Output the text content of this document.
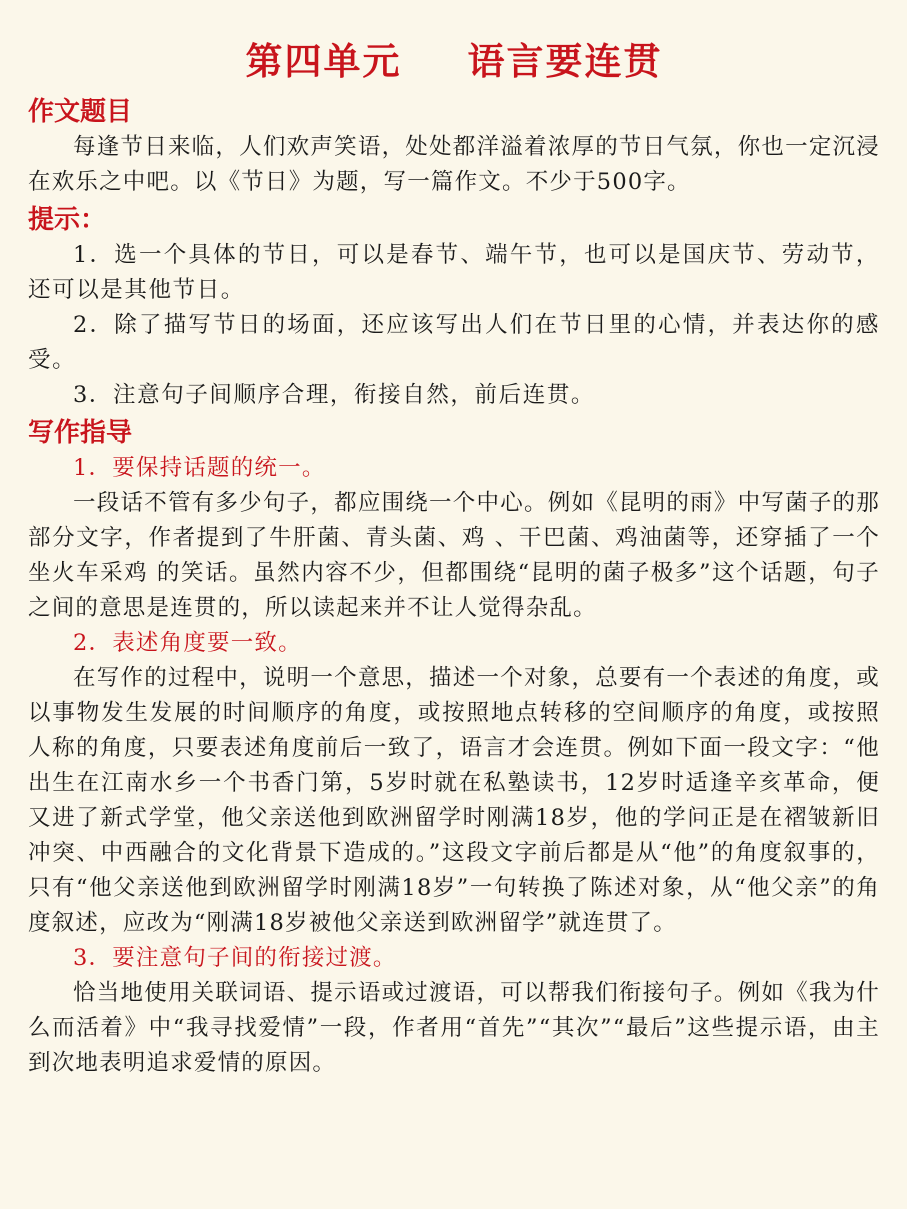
第四单元 语言要连贯
作文题目

每逢节日来临，人们欢声笑语，处处都洋溢着浓厚的节日气氛，你也一定沉浸在欢乐之中吧。以《节日》为题，写一篇作文。不少于500字。

提示：

1．选一个具体的节日，可以是春节、端午节，也可以是国庆节、劳动节，还可以是其他节日。

2．除了描写节日的场面，还应该写出人们在节日里的心情，并表达你的感受。

3．注意句子间顺序合理，衔接自然，前后连贯。

写作指导

1．要保持话题的统一。

一段话不管有多少句子，都应围绕一个中心。例如《昆明的雨》中写菌子的那部分文字，作者提到了牛肝菌、青头菌、鸡 、干巴菌、鸡油菌等，还穿插了一个坐火车采鸡 的笑话。虽然内容不少，但都围绕“昆明的菌子极多”这个话题，句子之间的意思是连贯的，所以读起来并不让人觉得杂乱。

2．表述角度要一致。

在写作的过程中，说明一个意思，描述一个对象，总要有一个表述的角度，或以事物发生发展的时间顺序的角度，或按照地点转移的空间顺序的角度，或按照人称的角度，只要表述角度前后一致了，语言才会连贯。例如下面一段文字：“他出生在江南水乡一个书香门第，5岁时就在私塾读书，12岁时适逢辛亥革命，便又进了新式学堂，他父亲送他到欧洲留学时刚满18岁，他的学问正是在褶皱新旧冲突、中西融合的文化背景下造成的。”这段文字前后都是从“他”的角度叙事的，只有“他父亲送他到欧洲留学时刚满18岁”一句转换了陈述对象，从“他父亲”的角度叙述，应改为“刚满18岁被他父亲送到欧洲留学”就连贯了。

3．要注意句子间的衔接过渡。

恰当地使用关联词语、提示语或过渡语，可以帮我们衔接句子。例如《我为什么而活着》中“我寻找爱情”一段，作者用“首先”“其次”“最后”这些提示语，由主到次地表明追求爱情的原因。
